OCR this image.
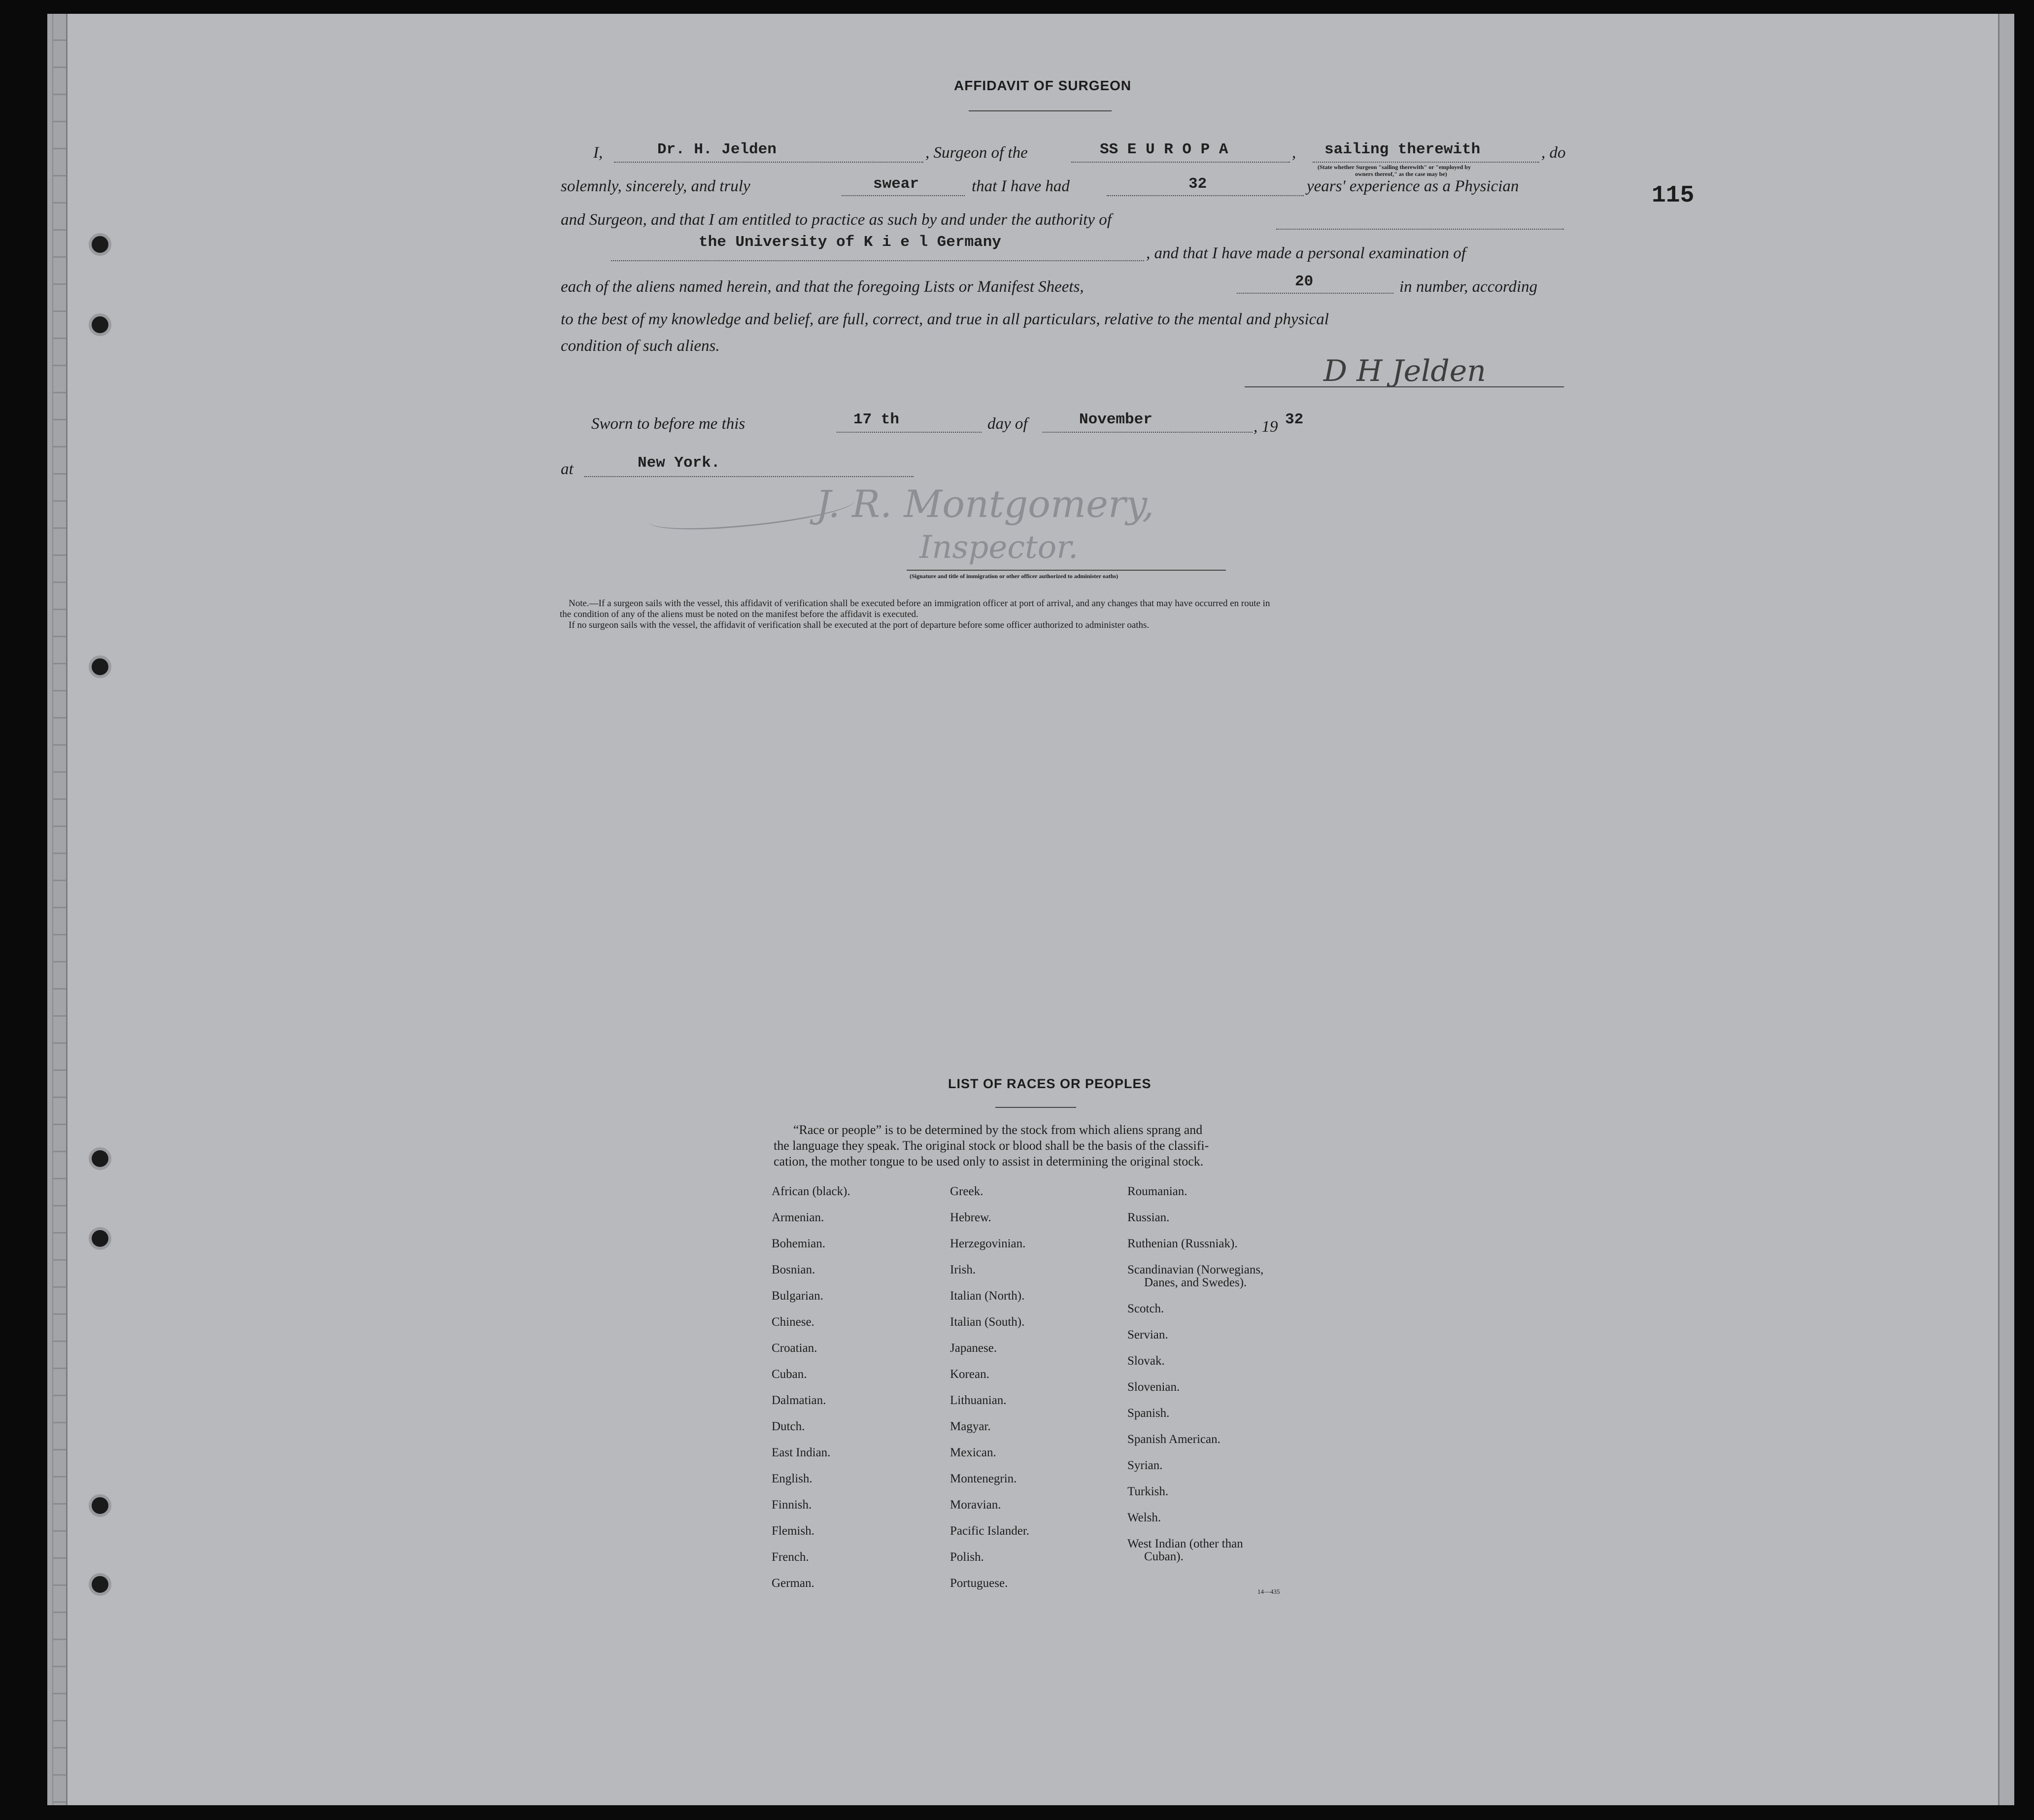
115
AFFIDAVIT OF SURGEON
I,	Dr. H. Jelden	, Surgeon of the	SS E U R O P A	, sailing therewith	, do
(State whether Surgeon "sailing therewith" or "employed by
owners thereof," as the case may be)
solemnly, sincerely, and truly	swear	that I have had	32	years' experience as a Physician
and Surgeon, and that I am entitled to practice as such by and under the authority of
the University of K i e l Germany
, and that I have made a personal examination of
each of the aliens named herein, and that the foregoing Lists or Manifest Sheets,	20	in number, according
to the best of my knowledge and belief, are full, correct, and true in all particulars, relative to the mental and physical
condition of such aliens.
D H Jelden
Sworn to before me this	17 th	day of	November	, 19 32
at	New York.
J. R. Montgomery,
Inspector.
(Signature and title of immigration or other officer authorized to administer oaths)
Note.—If a surgeon sails with the vessel, this affidavit of verification shall be executed before an immigration officer at port of arrival, and any changes that may have occurred en route in
the condition of any of the aliens must be noted on the manifest before the affidavit is executed.
If no surgeon sails with the vessel, the affidavit of verification shall be executed at the port of departure before some officer authorized to administer oaths.
LIST OF RACES OR PEOPLES
“Race or people” is to be determined by the stock from which aliens sprang and
the language they speak. The original stock or blood shall be the basis of the classifi-
cation, the mother tongue to be used only to assist in determining the original stock.
African (black).
Armenian.
Bohemian.
Bosnian.
Bulgarian.
Chinese.
Croatian.
Cuban.
Dalmatian.
Dutch.
East Indian.
English.
Finnish.
Flemish.
French.
German.
Greek.
Hebrew.
Herzegovinian.
Irish.
Italian (North).
Italian (South).
Japanese.
Korean.
Lithuanian.
Magyar.
Mexican.
Montenegrin.
Moravian.
Pacific Islander.
Polish.
Portuguese.
Roumanian.
Russian.
Ruthenian (Russniak).
Scandinavian (Norwegians,
Danes, and Swedes).
Scotch.
Servian.
Slovak.
Slovenian.
Spanish.
Spanish American.
Syrian.
Turkish.
Welsh.
West Indian (other than
Cuban).
14—435
